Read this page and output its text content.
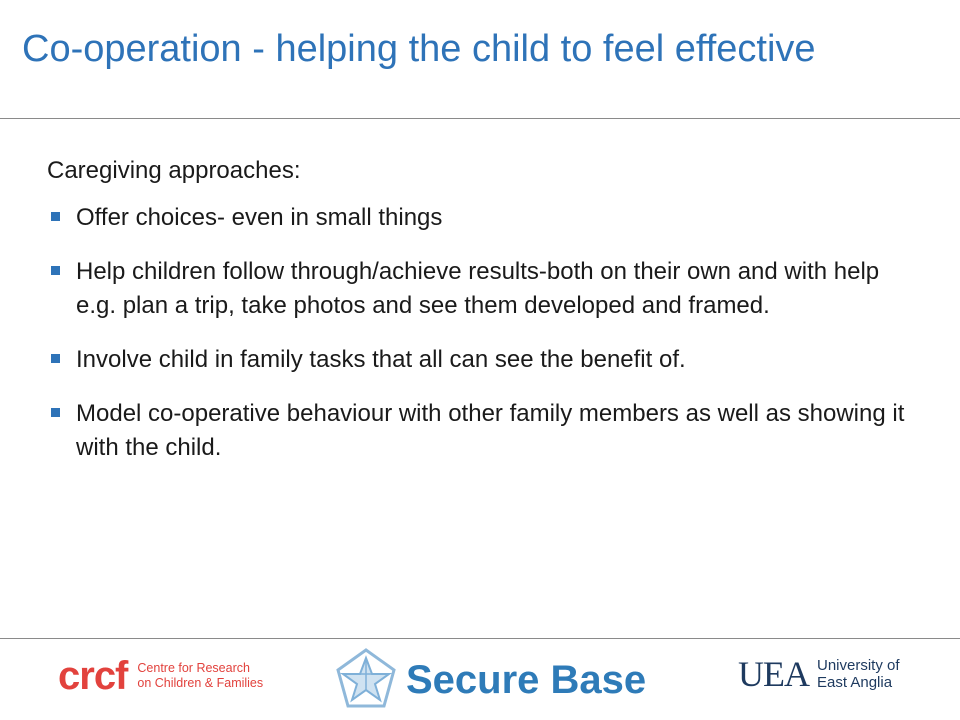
Co-operation - helping the child to feel effective

Caregiving approaches:

Offer choices- even in small things
Help children follow through/achieve results-both on their own and with help e.g. plan a trip, take photos and see them developed and framed.
Involve child in family tasks that all can see the benefit of.
Model co-operative behaviour with other family members as well as showing it with the child.
crcf Centre for Research
on Children & Families	Secure Base	UEA University of
East Anglia
